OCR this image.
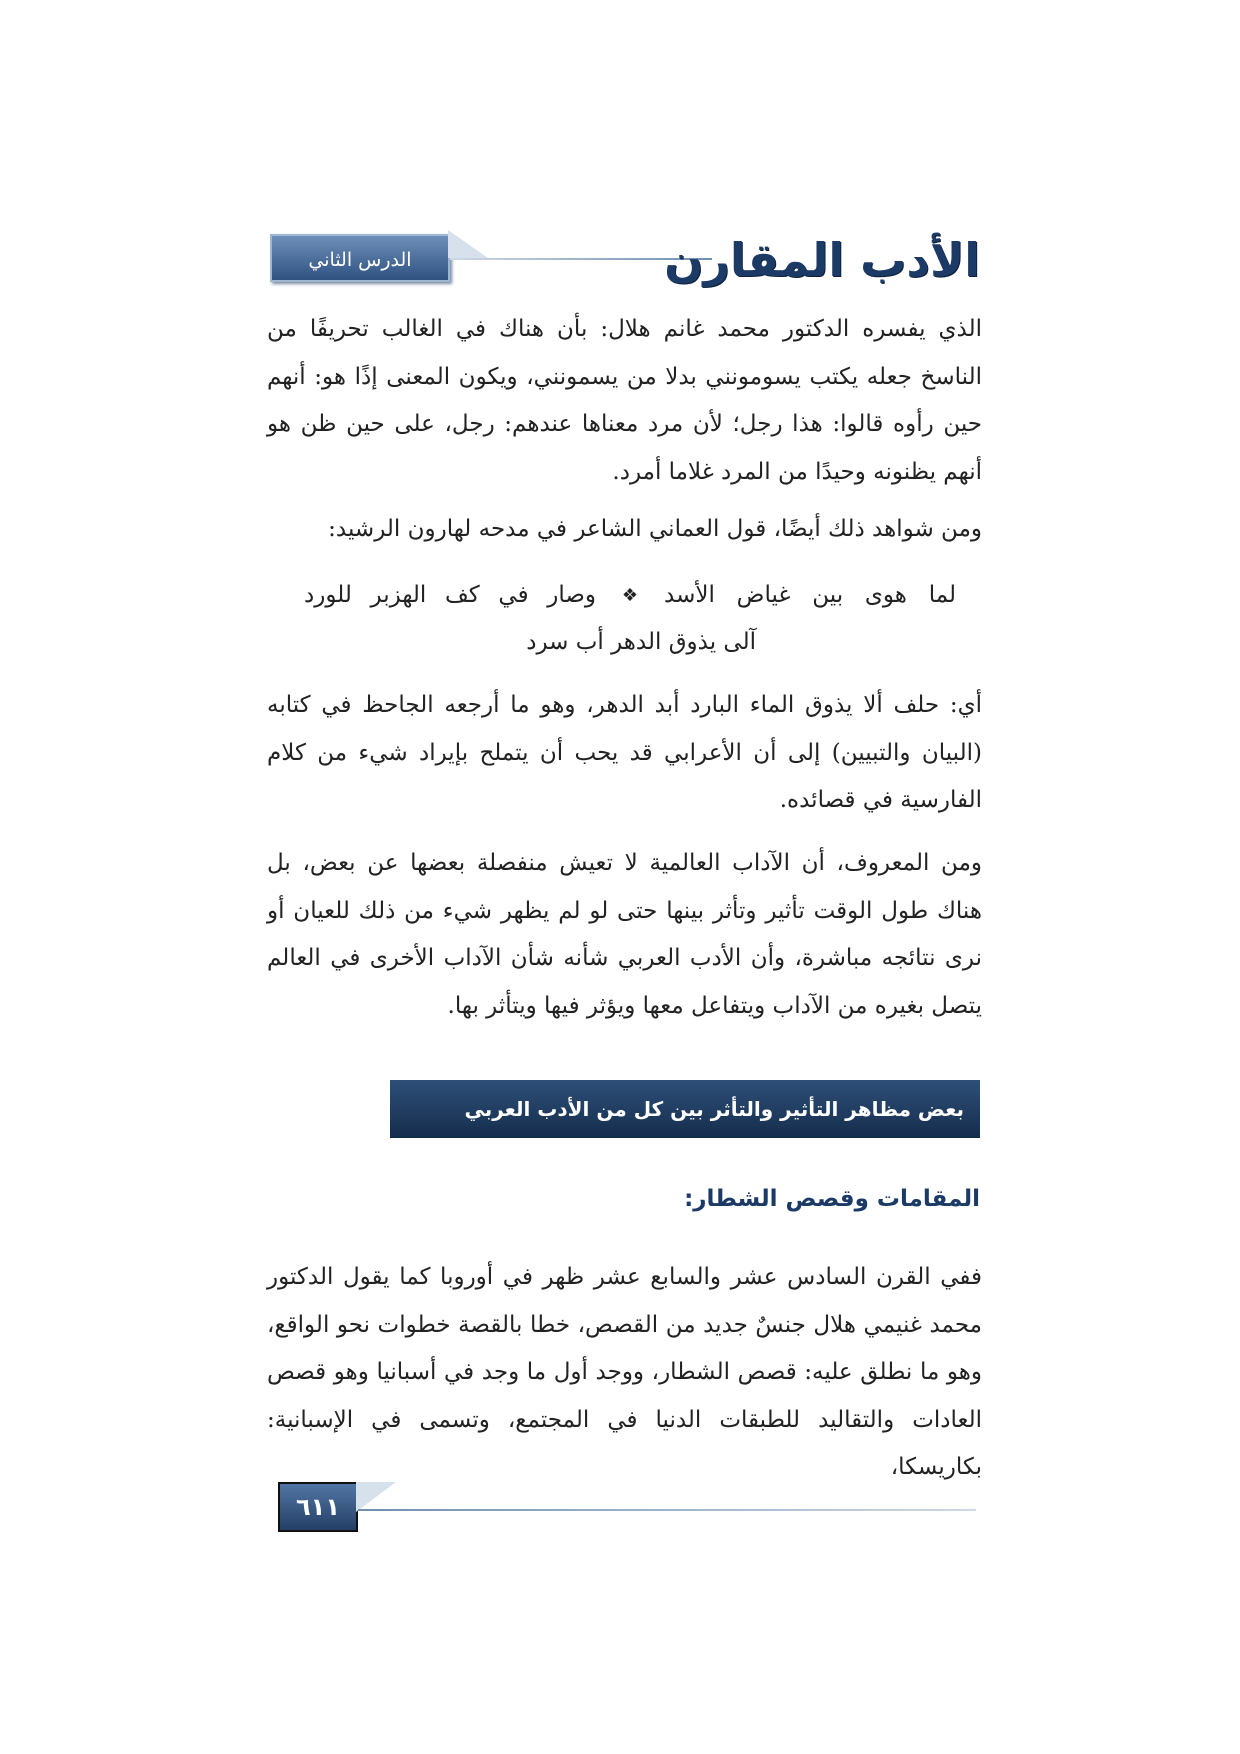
الدرس الثاني والعشرون
الأدب المقارن

الذي يفسره الدكتور محمد غانم هلال: بأن هناك في الغالب تحريفًا من الناسخ جعله يكتب يسومونني بدلا من يسمونني، ويكون المعنى إذًا هو: أنهم حين رأوه قالوا: هذا رجل؛ لأن مرد معناها عندهم: رجل، على حين ظن هو أنهم يظنونه وحيدًا من المرد غلاما أمرد.

ومن شواهد ذلك أيضًا، قول العماني الشاعر في مدحه لهارون الرشيد:

لما
هوى
بين
غياض
الأسد
❖
وصار
في
كف
الهزبر
للورد
آلى يذوق الدهر أب سرد

أي: حلف ألا يذوق الماء البارد أبد الدهر، وهو ما أرجعه الجاحظ في كتابه (البيان والتبيين) إلى أن الأعرابي قد يحب أن يتملح بإيراد شيء من كلام الفارسية في قصائده.

ومن المعروف، أن الآداب العالمية لا تعيش منفصلة بعضها عن بعض، بل هناك طول الوقت تأثير وتأثر بينها حتى لو لم يظهر شيء من ذلك للعيان أو نرى نتائجه مباشرة، وأن الأدب العربي شأنه شأن الآداب الأخرى في العالم يتصل بغيره من الآداب ويتفاعل معها ويؤثر فيها ويتأثر بها.

بعض مظاهر التأثير والتأثر بين كل من الأدب العربي والآداب الأخرى
المقامات وقصص الشطار:

ففي القرن السادس عشر والسابع عشر ظهر في أوروبا كما يقول الدكتور محمد غنيمي هلال جنسٌ جديد من القصص، خطا بالقصة خطوات نحو الواقع، وهو ما نطلق عليه: قصص الشطار، ووجد أول ما وجد في أسبانيا وهو قصص العادات والتقاليد للطبقات الدنيا في المجتمع، وتسمى في الإسبانية: بكاريسكا،

٦١١
